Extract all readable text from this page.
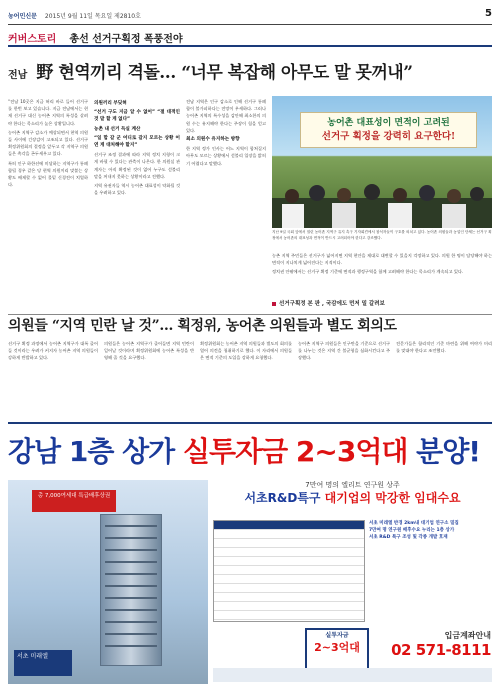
농어민신문 2015년 9월 11일 목요일 제2810호	5
커버스토리 총선 선거구획정 폭풍전야
전남 野 현역끼리 격돌… “너무 복잡해 아무도 말 못꺼내”

“전남 10곳은 지금 허리 바로 들어 선거구를 한번 보고 있습니다. 지금 전남에서는 현재 선거구 대신 농어촌 지역의 특성을 살려야 한다는 목소리가 높은 상황입니다.

농어촌 지역구 감소가 예상되면서 현역 의원들 사이에 긴장감이 고조되고 있다. 선거구획정위원회의 결정을 앞두고 각 지역구 의원들은 촉각을 곤두세우고 있다.

특히 인구 하한선에 미달하는 지역구가 통폐합될 경우 같은 당 현역 의원끼리 맞붙는 상황도 배제할 수 없어 물밑 신경전이 치열하다.

의원끼리 부딪혀
“선거 구도 지금 알 수 없어” “절 대적인 것 말 할 게 없다”
농촌 내 선거 득실 계산
“일 합 갈 군 어디로 갈지 모르는 상황 어 연 게 대처해야 할지”

선거구 조정 결과에 따라 지역 정치 지형이 크게 바뀔 수 있다는 관측이 나온다. 한 의원실 관계자는 아직 확정된 것이 없어 누구도 섣불리 말을 꺼내지 못하는 상황이라고 전했다.

지역 유권자들 역시 농어촌 대표성이 약화될 것을 우려하고 있다.

전남 지역은 인구 감소로 인해 선거구 통폐합이 불가피하다는 전망이 우세하다. 그러나 농어촌 지역의 특수성을 감안해 최소한의 의원 수는 유지해야 한다는 주장이 힘을 얻고 있다.

최소 의원수 유지하는 방향

한 지역 정가 인사는 어느 지역이 합쳐질지 아무도 모르는 상황에서 섣불리 입장을 밝히기 어렵다고 말했다.

농어촌 대표성이 면적이 고려된
선거구 획정을 강력히 요구한다!
지난 9일 국회 앞에서 열린 농어촌 지역구 유지 촉구 기자회견에서 참석자들이 구호를 외치고 있다. 농어촌 의원들과 농업인 단체는 선거구 획정에서 농어촌의 대표성과 면적이 반드시 고려되어야 한다고 강조했다.

농촌 지역 주민들은 선거구가 넓어지면 지역 현안을 제대로 대변할 수 있을지 걱정하고 있다. 의원 한 명이 담당해야 하는 면적이 지나치게 넓어진다는 지적이다.

정치권 안팎에서는 선거구 획정 기준에 면적과 행정구역을 함께 고려해야 한다는 목소리가 계속되고 있다.

선거구획정 본 판 , 국감에도 먼저 밀 갈려보
의원들 “지역 민란 날 것”… 획정위, 농어촌 의원들과 별도 회의도

선거구 획정 과정에서 농어촌 지역구가 대폭 줄어들 것이라는 우려가 커지자 농어촌 지역 의원들이 강하게 반발하고 있다.

의원들은 농어촌 지역구가 줄어들면 지역 민란이 일어날 것이라며 획정위원회에 농어촌 특성을 반영해 줄 것을 요구했다.

획정위원회는 농어촌 지역 의원들과 별도의 회의를 열어 의견을 청취하기로 했다. 이 자리에서 의원들은 면적 기준의 도입을 강하게 요청했다.

농어촌 지역구 의원들은 인구만을 기준으로 선거구를 나누는 것은 지역 간 불균형을 심화시킨다고 주장했다.

전문가들은 합리적인 기준 마련을 위해 여야가 머리를 맞대야 한다고 조언했다.

강남 1층 상가 실투자금 2~3억대 분양!
총 7,000여세대 특급배후상권
서초 미래엘
7만여 명의 엘리트 연구원 상주
서초R&D특구 대기업의 막강한 임대수요
서초 미래엘 반경 2km내 대기업 연구소 밀집
7만여 명 연구원 배후수요 누리는 1층 상가
서초 R&D 특구 조성 및 각종 개발 호재
실투자금
2~3억대
입금계좌안내
02 571-8111
